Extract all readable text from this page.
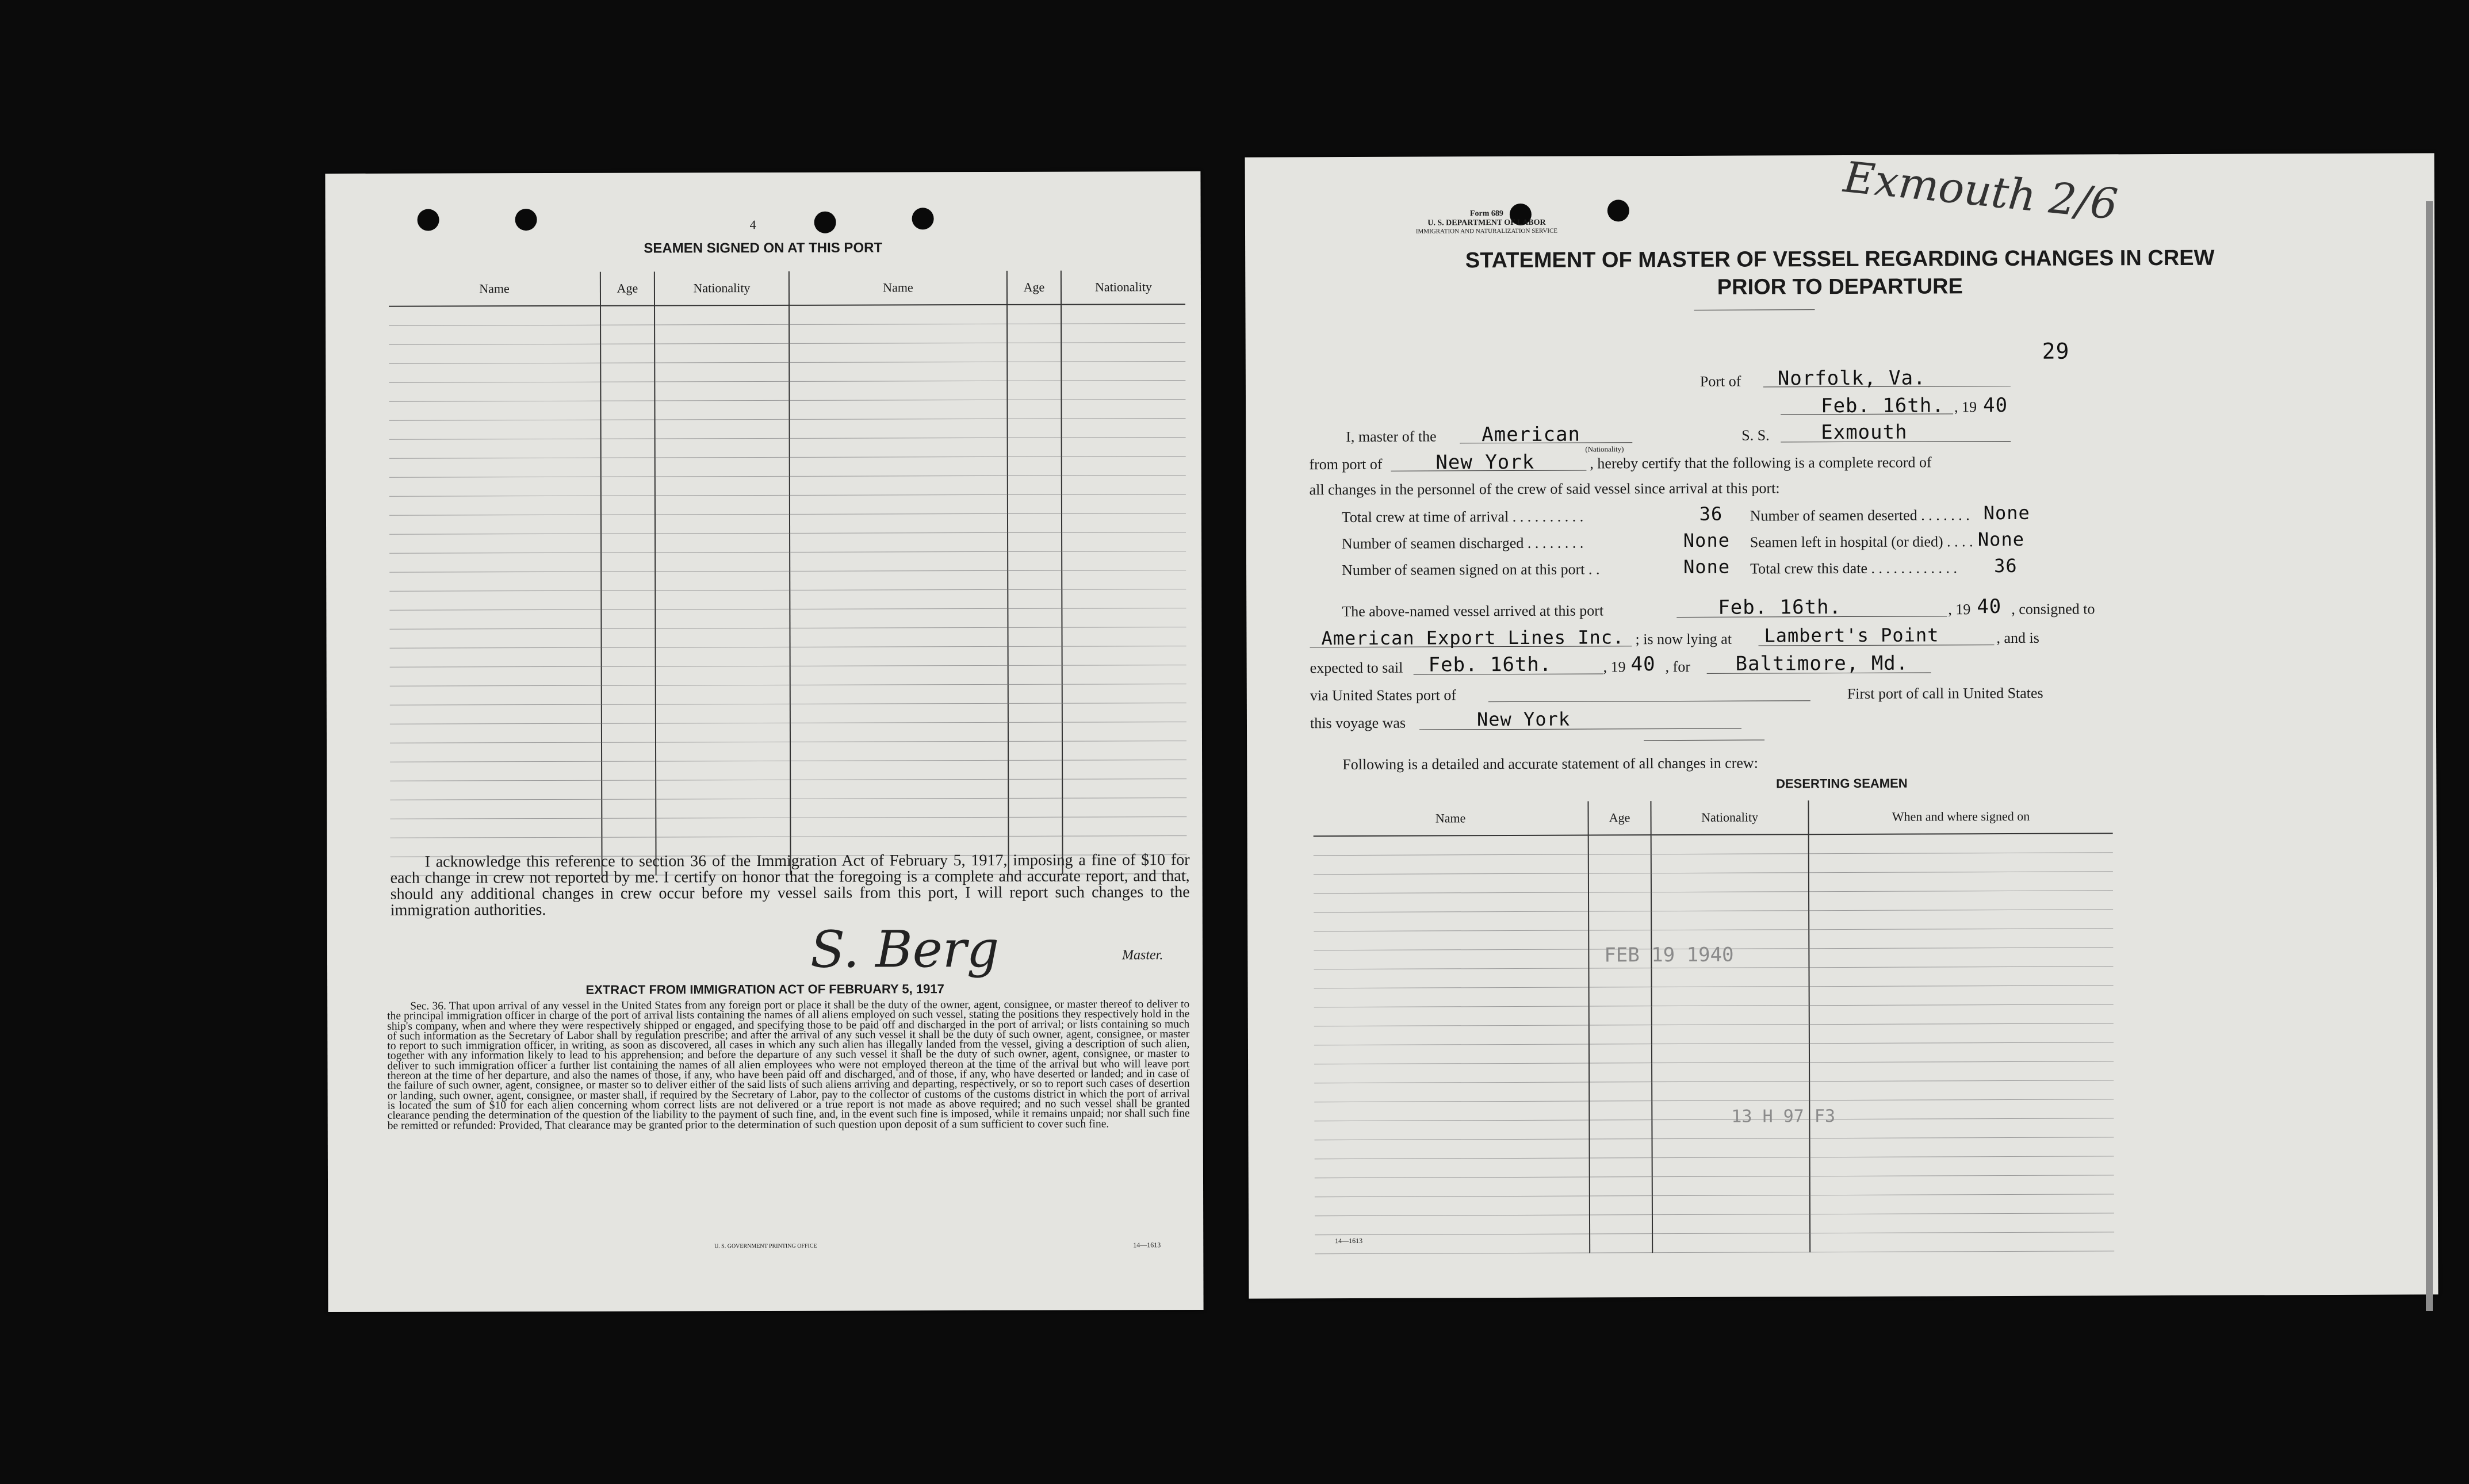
4
SEAMEN SIGNED ON AT THIS PORT
Name	Age	Nationality	Name	Age	Nationality

I acknowledge this reference to section 36 of the Immigration Act of February 5, 1917, imposing a fine of $10 for each change in crew not reported by me. I certify on honor that the foregoing is a complete and accurate report, and that, should any additional changes in crew occur before my vessel sails from this port, I will report such changes to the immigration authorities.
S. Berg	Master.
EXTRACT FROM IMMIGRATION ACT OF FEBRUARY 5, 1917
Sec. 36. That upon arrival of any vessel in the United States from any foreign port or place it shall be the duty of the owner, agent, consignee, or master thereof to deliver to the principal immigration officer in charge of the port of arrival lists containing the names of all aliens employed on such vessel, stating the positions they respectively hold in the ship's company, when and where they were respectively shipped or engaged, and specifying those to be paid off and discharged in the port of arrival; or lists containing so much of such information as the Secretary of Labor shall by regulation prescribe; and after the arrival of any such vessel it shall be the duty of such owner, agent, consignee, or master to report to such immigration officer, in writing, as soon as discovered, all cases in which any such alien has illegally landed from the vessel, giving a description of such alien, together with any information likely to lead to his apprehension; and before the departure of any such vessel it shall be the duty of such owner, agent, consignee, or master to deliver to such immigration officer a further list containing the names of all alien employees who were not employed thereon at the time of the arrival but who will leave port thereon at the time of her departure, and also the names of those, if any, who have been paid off and discharged, and of those, if any, who have deserted or landed; and in case of the failure of such owner, agent, consignee, or master so to deliver either of the said lists of such aliens arriving and departing, respectively, or so to report such cases of desertion or landing, such owner, agent, consignee, or master shall, if required by the Secretary of Labor, pay to the collector of customs of the customs district in which the port of arrival is located the sum of $10 for each alien concerning whom correct lists are not delivered or a true report is not made as above required; and no such vessel shall be granted clearance pending the determination of the question of the liability to the payment of such fine, and, in the event such fine is imposed, while it remains unpaid; nor shall such fine be remitted or refunded: Provided, That clearance may be granted prior to the determination of such question upon deposit of a sum sufficient to cover such fine.
U. S. GOVERNMENT PRINTING OFFICE	14—1613
Form 689
U. S. DEPARTMENT OF LABOR
IMMIGRATION AND NATURALIZATION SERVICE
Exmouth 2/6
STATEMENT OF MASTER OF VESSEL REGARDING CHANGES IN CREW
PRIOR TO DEPARTURE
29
Port of Norfolk, Va.
Feb. 16th. , 19 40
I, master of the American
(Nationality)
S. S.	Exmouth
from port of	New York	, hereby certify that the following is a complete record of
all changes in the personnel of the crew of said vessel since arrival at this port:
Total crew at time of arrival . . . . . . . . . .	36 Number of seamen deserted . . . . . . . None
Number of seamen discharged . . . . . . . .	None Seamen left in hospital (or died) . . . . None
Number of seamen signed on at this port . .	None Total crew this date . . . . . . . . . . . . 36
The above-named vessel arrived at this port	Feb. 16th.	, 19 40 , consigned to
American Export Lines Inc. ; is now lying at Lambert's Point	, and is
expected to sail Feb. 16th.	, 19 40 , for Baltimore, Md.
via United States port of	First port of call in United States
this voyage was	New York
Following is a detailed and accurate statement of all changes in crew:
DESERTING SEAMEN
Name	Age	Nationality	When and where signed on

FEB 19 1940
13 H 97 F3
14—1613
